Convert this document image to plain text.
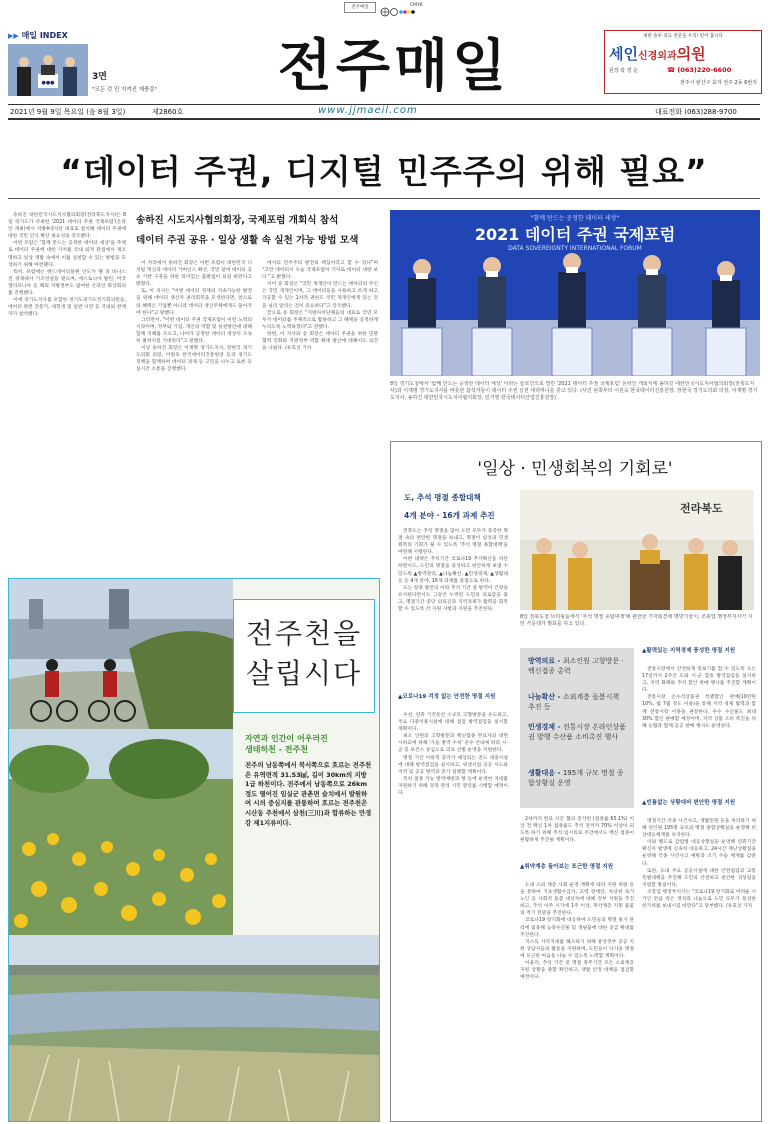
전주매일	CMYK
▶▶ 매일 INDEX
●●●
3면
"모든 것 민 지켜진 재충몽"	전주매일	새한 솔루 의료 전문을 우리! 믿어 봅니다
세인신경외과의원
원장 곽 경 운	☎ (063)220-6600
전주시 완산구 효자 전주 2동 6번지
2021년 9월 9일 목요일 (음 8월 3일)	제2860호	www.jjmaeil.com	대표전화 (063)288-9700
“데이터 주권, 디지털 민주주의 위해 필요”
송하진 시도지사협의회장, 국제포럼 개회식 참석
데이터 주권 공유 · 일상 생활 속 실천 가능 방법 모색

송하진 대한민국시도지사협의회장(전라북도지사)은 8일 경기도가 주최한 '2021 데이터 주권 국제포럼'(온라인 개최)에서 지방4대지단 대표로 참석해 데이터 주권에 대한 국민 인식 확산 필요성을 강조했다.

이번 포럼은 '함께 만드는 공정한 데이터 세상'을 주제로 데이터 주권에 대한 가치를 국내 외적 관점에서 재조명하고 일상 생활 속에서 이를 실천할 수 있는 방법을 모색하기 위해 마련됐다.

특히, 포럼에는 랜드데이터플랜 인도카 헬 피 바나스 전 경제대사 기조연설을 맡으며, 에스토니아 탈린, 미국 캘리포니아 등 해외 지방정부도 참여한 온라인 화상회의를 진행했다.

이에 경기도지사를 포함한 경기도경기도정기회의원들, 데이터 관련 전문가, 대학생 및 일반 시민 등 국내외 관계자가 참석했다.

이 자리에서 송하진 회장은 이번 포럼이 대한민국 디지털 혁신과 데이터 거버넌스 확산, 국민 참여 데이터 공유 기반 구축을 위한 의미있는 출발점이 되길 바란다고 밝혔다.

또, 이 지사는 "이번 데이터 경제의 지속가능한 발전을 위해 데이터 생산자 권리회복을 모색한다면, 앞으로의 혜택은 기업뿐 아니라 데이터 생산주체에게도 돌아가야 한다"고 말했다.

그러면서, "이번 데이터 주권 국제포럼이 이런 노력의 시작이며, 정부와 기업, 개인의 역할 및 실천방안에 대해 함께 지혜를 모으고, 나아가 공정한 데이터 세상이 조속히 펼쳐지길 기대한다"고 말했다.

이날 송하진 회장은 이재명 경기도지사, 장현국 경기도의회 의장, 이원욱 한국데이터진흥원장 등과 경기도 정책을 함께하며 데이터 경제 등 고민을 나누고 토론 등 실시간 소통을 진행했다.

에서의 민주주의 발전의 핵심이라고 할 수 있다"며 "고만 데이터시 오늘 국제포럼이 기자로 데이터 대한 보다 "고 밝혔다.

이어 송 회장은 "국민 개개인이 만드는 데이터의 주인은 국민 개개인이며, 그 데이터들을 사용하고 쓰게 하고 가공할 수 있는 1차적 권한도 국민 개개인에게 있는 것을 널리 알리는 것이 중요하다"고 강조했다.

끝으로 송 회장은 "지방자치단체들의 대표로 국민 모두가 데이터를 주체적으로 활용하고 그 혜택을 공정하게 누리도록 노력하겠다"고 전했다.

한편, 이 지사와 송 회장은 데이터 주권을 위한 민관 협력 강화와 지방정부 역할 확대 방안에 대해서도 의견을 나눴다. /유효상 기자

"함께 만드는 공정한 데이터 세상"
2021 데이터 주권 국제포럼
DATA SOVEREIGNTY INTERNATIONAL FORUM
8일 경기도청에서 '함께 만드는 공정한 데이터 세상' 이라는 슬로건으로 열린 '2021 데이터 주권 국제포럼' 온라인 개회식에 송하진 대한민국시도지사협의회장(전북도지사)과 이재명 경기도지사를 비롯한 참석자들이 데이터 주권 실천 세리머니를 갖고 있다. (사진 왼쪽부터 이원욱 한국데이터진흥원장, 장현국 경기도의회 의장, 이재명 경기도지사, 송하진 대한민국시도지사협의회장, 민기영 한국데이터산업진흥원장)
전주천을
살립시다
자연과 인간이 어우러진
생태하천 - 전주천
전주의 남동쪽에서 북서쪽으로 흐르는 전주천은 유역면적 31.53㎢, 길이 30km의 지방 1급 하천이다. 전주에서 남동쪽으로 26km 정도 떨어진 임실군 관촌면 슬치에서 발원하여 시의 중심지를 관통하여 흐르는 전주천은 시산동 주천에서 삼천(三川)과 합류하는 만경강 제1지류이다.
'일상 · 민생회복의 기회로'
도, 추석 명절 종합대책
4개 분야 · 16개 과제 추진

전북도는 추석 명절을 맞아 도민 모두가 풍족한 명절 속의 편안한 명절을 보내고, 명절이 일상과 민생 회복의 기회가 될 수 있도록 '추석 명절 종합대책'을 마련해 시행한다.

이번 대책은 추석기간 코로나19 추가확산을 차단하면서도, 도민의 명절을 풍성하고 편안하게 보낼 수 있도록 ▲방역관리, ▲나눔확산, ▲민생경제, ▲생활대응 등 4개 분야, 16개 과제를 중점으로 한다.

도는 장축 발전의 이따 추석 기간 중 방역이 긴장을 유지한다면서도 그동안 누적된 도민의 피로감을 풀고, 명절기간 중단 의료진과 지역경제가 활력을 회복할 수 있도록 각 지원 사항과 지원을 추진한다.

전라북도
8일 전북도청 브리핑룸에서 '추석 명절 종합대책'에 관한한 기자회견에 명방기술이, 조봉업 행정부지사가 시민 가운데가 발표를 하고 있다.
방역의료 - 최소인원 고향방문 · 백신접종 총력
나눔확산 - 소외계층 돌봄시책 추진 등
민생경제 - 전통시장 온라인상품권 발행 수산품 소비촉진 행사
생활대응 - 195개 규모 명절 종합상황실 운영
▲코로나19 걱정 없는 안전한 명절 지원

우선, 연휴 기간동안 소규모 고향방문을 유도하고, 주요 다중이용시설에 대해 점검 방역점검을 실시할 계획이다.

최소 인원의 고향방문과 백신접종 완료자의 대면 시하교에 위해 '가을 방역 수칙' 준수 안내에 따라 시·군 및 보건소 중심으로 의료 선별 운영을 지원한다.

명절 기간 이용객 증가가 예상되는 전도 대중시설에 대해 방역점검을 실시하고, 위생서업 공공 시도와 지역 및 공공 방역과 증가 실행할 계획이다.

특히 접종 가능 방역예방과 행 등에 운영한 지대를 지원하기 위해 경정 관리 시민 관리를 시행할 예정이다.

2차까지 완료 시간 협의 증가된 (접종률 65.1%) 이상 전 백신 1차 접종률도 추석 전까지 70% 이상이 되도록 하기 위해 추석 임시의료 주간에서도 백신 접종이 원활하게 추진될 계획이다.

▲취약계층 돌아보는 포근한 명절 지원

도내 소외 계층 사회 운영 계획에 따라 지원 위원 등을 통하여 기초생활수급자, 고령 장애인, 차상위 독거노인 등 사회적 돌봄 대상자에 대해 정부 지원을 추진하고, 추석 이주 시기에 1주 이상, 취약계층 지원 물품의 적기 전달을 추진한다.

코로나19 장기화에 대응하여 도민들의 명절 물가 관리에 집중해 농축수산물 및 생필품에 대한 공급 확대를 추진한다.

지소득 사각지대를 해소하기 위해 중앙정부 공공 지원 상담사들의 활동을 지원하며, 도민들이 다가올 명절에 포근한 마음을 나눌 수 있도록 노력할 계획이다.

아울러, 추석 기간 중 명절 휴무기간 모든 소외계층 지원 상황을 종합 확인하고, 생활 안정 대책을 점검할 예정이다.

▲활력있는 지역경제 풍성한 명절 지원

전통시장에서 안전하게 장보기를 할 수 있도록 오는 17일까지 2주간 도와 시·군 합동 방역점검을 실시하고, 지역 화폐와 추석 할인 판매 행사를 추진할 계획이다.

전통시장 온누리상품권 특별할인 판매(10만원 10%, 월 7월 정도 이용)을 통해 지역 경제 활력과 함께 전통시장 이용을 권장한다. 우수 수산물도 최대 30% 할인 판매할 예정이며, 지역 상품 소비 촉진을 위해 농협과 함께 공공 판매 행사도 운영한다.

▲빈틈없는 상황대비 편안한 명절 지원

명절기간 각종 사건사고, 생활민원 등을 처리하기 위해 연인원 195명 규모의 명절 종합상황실을 운영해 비상대응체계를 유지한다.

이와 별도로 감염병 대응상황실을 운영해 연휴기간 확진자 발생에 신속히 대응하고, 24시간 재난상황실을 운영해 각종 사건사고 예방과 조기 수습 체계를 갖춘다.

또한, 도내 주요 공공시설에 대한 안전점검과 교통 특별대책을 추진해 도민의 안전하고 편안한 귀성길을 지원할 방침이다.

조봉업 행정부지사는 "코로나19 장기화로 어려운 시기인 만큼 작은 정성과 나눔으로 도민 모두가 풍성한 한가위를 보내시길 바란다"고 당부했다. /유효상 기자
